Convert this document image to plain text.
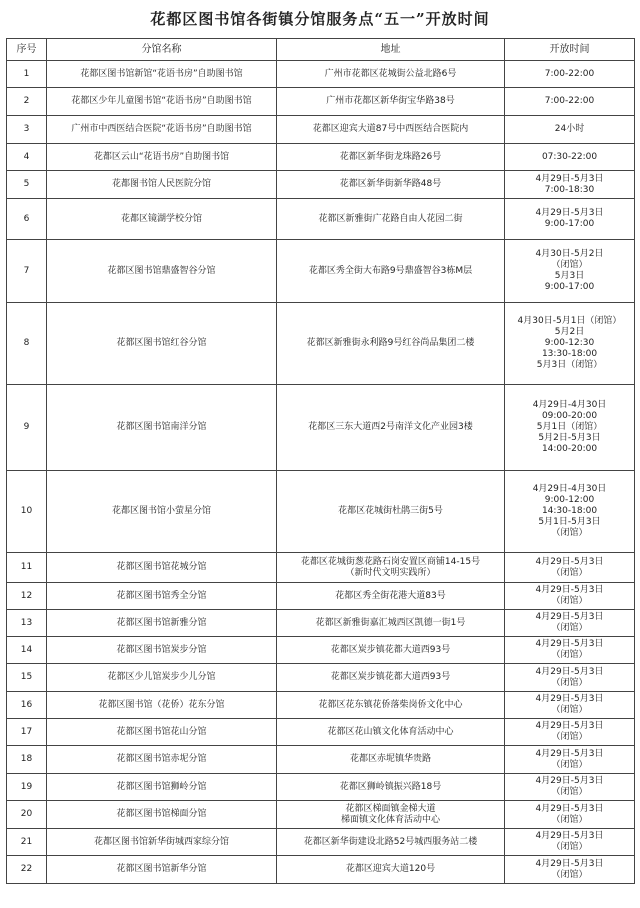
花都区图书馆各街镇分馆服务点“五一”开放时间
序号	分馆名称	地址	开放时间
1	花都区图书馆新馆“花语书房”自助图书馆	广州市花都区花城街公益北路6号	7:00-22:00
2	花都区少年儿童图书馆“花语书房”自助图书馆	广州市花都区新华街宝华路38号	7:00-22:00
3	广州市中西医结合医院“花语书房”自助图书馆	花都区迎宾大道87号中西医结合医院内	24小时
4	花都区云山“花语书房”自助图书馆	花都区新华街龙珠路26号	07:30-22:00
5	花都图书馆人民医院分馆	花都区新华街新华路48号	4月29日-5月3日
7:00-18:30
6	花都区镜湖学校分馆	花都区新雅街广花路自由人花园二街	4月29日-5月3日
9:00-17:00
7	花都区图书馆鼎盛智谷分馆	花都区秀全街大布路9号鼎盛智谷3栋M层	4月30日-5月2日
（闭馆）
5月3日
9:00-17:00
8	花都区图书馆红谷分馆	花都区新雅街永利路9号红谷尚品集团二楼	4月30日-5月1日（闭馆）
5月2日
9:00-12:30
13:30-18:00
5月3日（闭馆）
9	花都区图书馆南洋分馆	花都区三东大道西2号南洋文化产业园3楼	4月29日-4月30日
09:00-20:00
5月1日（闭馆）
5月2日-5月3日
14:00-20:00
10	花都区图书馆小萤星分馆	花都区花城街杜鹃三街5号	4月29日-4月30日
9:00-12:00
14:30-18:00
5月1日-5月3日
（闭馆）
11	花都区图书馆花城分馆	花都区花城街葱花路石岗安置区商铺14-15号
（新时代文明实践所）	4月29日-5月3日
（闭馆）
12	花都区图书馆秀全分馆	花都区秀全街花港大道83号	4月29日-5月3日
（闭馆）
13	花都区图书馆新雅分馆	花都区新雅街嘉汇城西区凯德一街1号	4月29日-5月3日
（闭馆）
14	花都区图书馆炭步分馆	花都区炭步镇花都大道西93号	4月29日-5月3日
（闭馆）
15	花都区少儿馆炭步少儿分馆	花都区炭步镇花都大道西93号	4月29日-5月3日
（闭馆）
16	花都区图书馆（花侨）花东分馆	花都区花东镇花侨落柴岗侨文化中心	4月29日-5月3日
（闭馆）
17	花都区图书馆花山分馆	花都区花山镇文化体育活动中心	4月29日-5月3日
（闭馆）
18	花都区图书馆赤坭分馆	花都区赤坭镇华贵路	4月29日-5月3日
（闭馆）
19	花都区图书馆狮岭分馆	花都区狮岭镇振兴路18号	4月29日-5月3日
（闭馆）
20	花都区图书馆梯面分馆	花都区梯面镇金梯大道
梯面镇文化体育活动中心	4月29日-5月3日
（闭馆）
21	花都区图书馆新华街城西家综分馆	花都区新华街建设北路52号城西服务站二楼	4月29日-5月3日
（闭馆）
22	花都区图书馆新华分馆	花都区迎宾大道120号	4月29日-5月3日
（闭馆）
